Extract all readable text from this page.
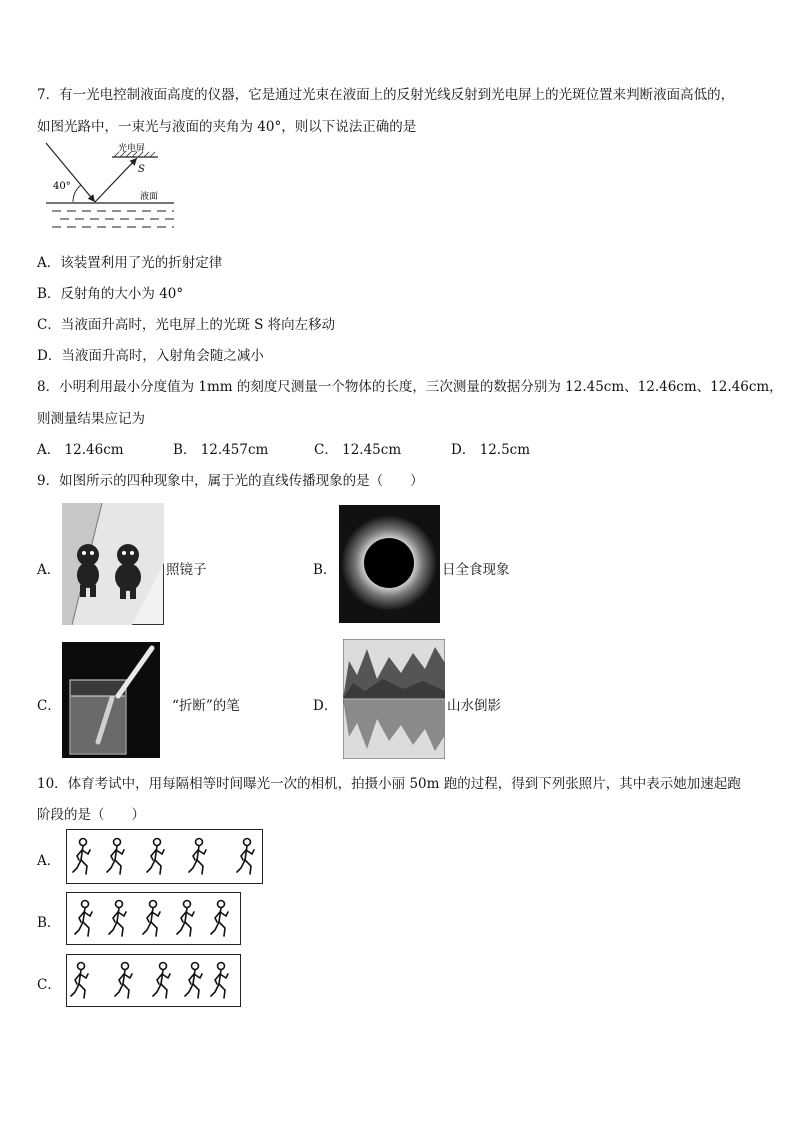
7．有一光电控制液面高度的仪器，它是通过光束在液面上的反射光线反射到光电屏上的光斑位置来判断液面高低的，
如图光路中，一束光与液面的夹角为 40°，则以下说法正确的是
光电屏
S
40°
液面
A．该装置利用了光的折射定律
B．反射角的大小为 40°
C．当液面升高时，光电屏上的光斑 S 将向左移动
D．当液面升高时，入射角会随之减小
8．小明利用最小分度值为 1mm 的刻度尺测量一个物体的长度，三次测量的数据分别为 12.45cm、12.46cm、12.46cm，
则测量结果应记为
A． 12.46cm	B． 12.457cm	C． 12.45cm	D． 12.5cm
9．如图所示的四种现象中，属于光的直线传播现象的是（　　）
A．	照镜子	B．	日全食现象
C．	“折断”的笔	D．	山水倒影
10．体育考试中，用每隔相等时间曝光一次的相机，拍摄小丽 50m 跑的过程，得到下列张照片，其中表示她加速起跑
阶段的是（　　）
A．
B．
C．
